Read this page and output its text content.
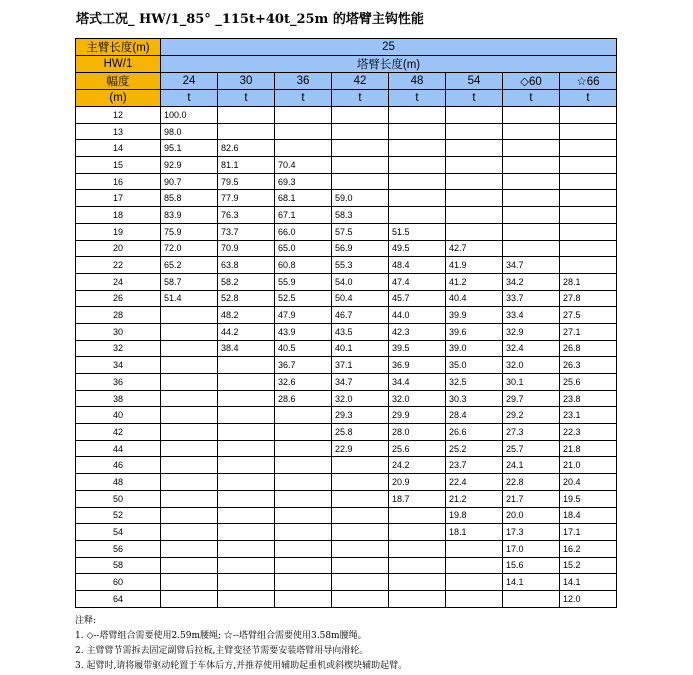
塔式工况_ HW/1_85° _115t+40t_25m 的塔臂主钩性能
主臂长度(m)	25							
HW/1	塔臂长度(m)							
幅度	24	30	36	42	48	54	◇60	☆66
(m)	t	t	t	t	t	t	t	t
12	100.0							
13	98.0							
14	95.1	82.6						
15	92.9	81.1	70.4					
16	90.7	79.5	69.3					
17	85.8	77.9	68.1	59.0				
18	83.9	76.3	67.1	58.3				
19	75.9	73.7	66.0	57.5	51.5			
20	72.0	70.9	65.0	56.9	49.5	42.7		
22	65.2	63.8	60.8	55.3	48.4	41.9	34.7	
24	58.7	58.2	55.9	54.0	47.4	41.2	34.2	28.1
26	51.4	52.8	52.5	50.4	45.7	40.4	33.7	27.8
28		48.2	47.9	46.7	44.0	39.9	33.4	27.5
30		44.2	43.9	43.5	42.3	39.6	32.9	27.1
32		38.4	40.5	40.1	39.5	39.0	32.4	26.8
34			36.7	37.1	36.9	35.0	32.0	26.3
36			32.6	34.7	34.4	32.5	30.1	25.6
38			28.6	32.0	32.0	30.3	29.7	23.8
40				29.3	29.9	28.4	29.2	23.1
42				25.8	28.0	26.6	27.3	22.3
44				22.9	25.6	25.2	25.7	21.8
46					24.2	23.7	24.1	21.0
48					20.9	22.4	22.8	20.4
50					18.7	21.2	21.7	19.5
52						19.8	20.0	18.4
54						18.1	17.3	17.1
56							17.0	16.2
58							15.6	15.2
60							14.1	14.1
64								12.0
注释:
1. ◇--塔臂组合需要使用2.59m腰绳; ☆--塔臂组合需要使用3.58m腰绳。
2. 主臂臂节需拆去固定副臂后拉板,主臂变径节需要安装塔臂用导向滑轮。
3. 起臂时,请将履带驱动轮置于车体后方,并推荐使用辅助起重机或斜楔块辅助起臂。
